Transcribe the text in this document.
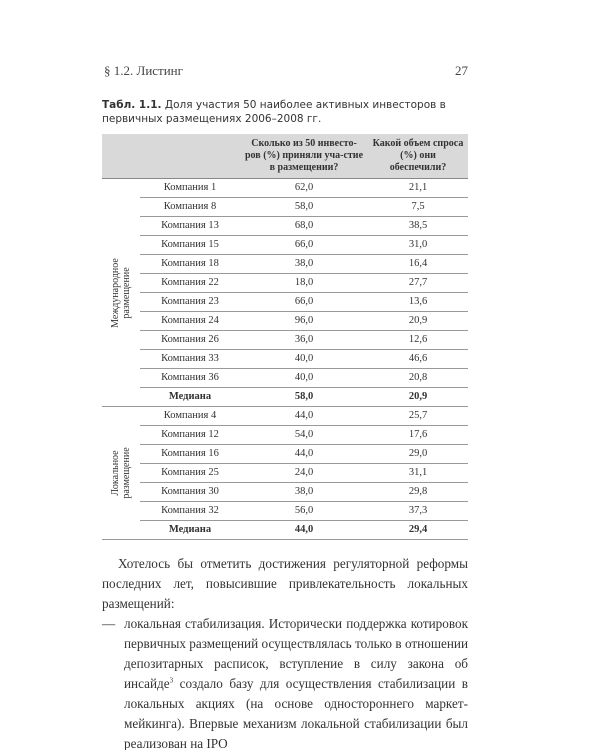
§ 1.2. Листинг	27
Табл. 1.1. Доля участия 50 наиболее активных инвесторов в первичных размещениях 2006–2008 гг.
		Сколько из 50 инвесто-ров (%) приняли уча-стие в размещении?	Какой объем спроса (%) они обеспечили?

Международное размещение	Компания 1	62,0	21,1
	Компания 8	58,0	7,5
	Компания 13	68,0	38,5
	Компания 15	66,0	31,0
	Компания 18	38,0	16,4
	Компания 22	18,0	27,7
	Компания 23	66,0	13,6
	Компания 24	96,0	20,9
	Компания 26	36,0	12,6
	Компания 33	40,0	46,6
	Компания 36	40,0	20,8
	Медиана	58,0	20,9

Локальное размещение	Компания 4	44,0	25,7
	Компания 12	54,0	17,6
	Компания 16	44,0	29,0
	Компания 25	24,0	31,1
	Компания 30	38,0	29,8
	Компания 32	56,0	37,3
	Медиана	44,0	29,4

Хотелось бы отметить достижения регуляторной реформы последних лет, повысившие привлекательность локальных размещений:

— локальная стабилизация. Исторически поддержка котировок первичных размещений осуществлялась только в отношении депозитарных расписок, вступление в силу закона об инсайде$^3$ создало базу для осуществления стабилизации в локальных акциях (на основе одностороннего маркет-мейкинга). Впервые механизм локальной стабилизации был реализован на IPO
